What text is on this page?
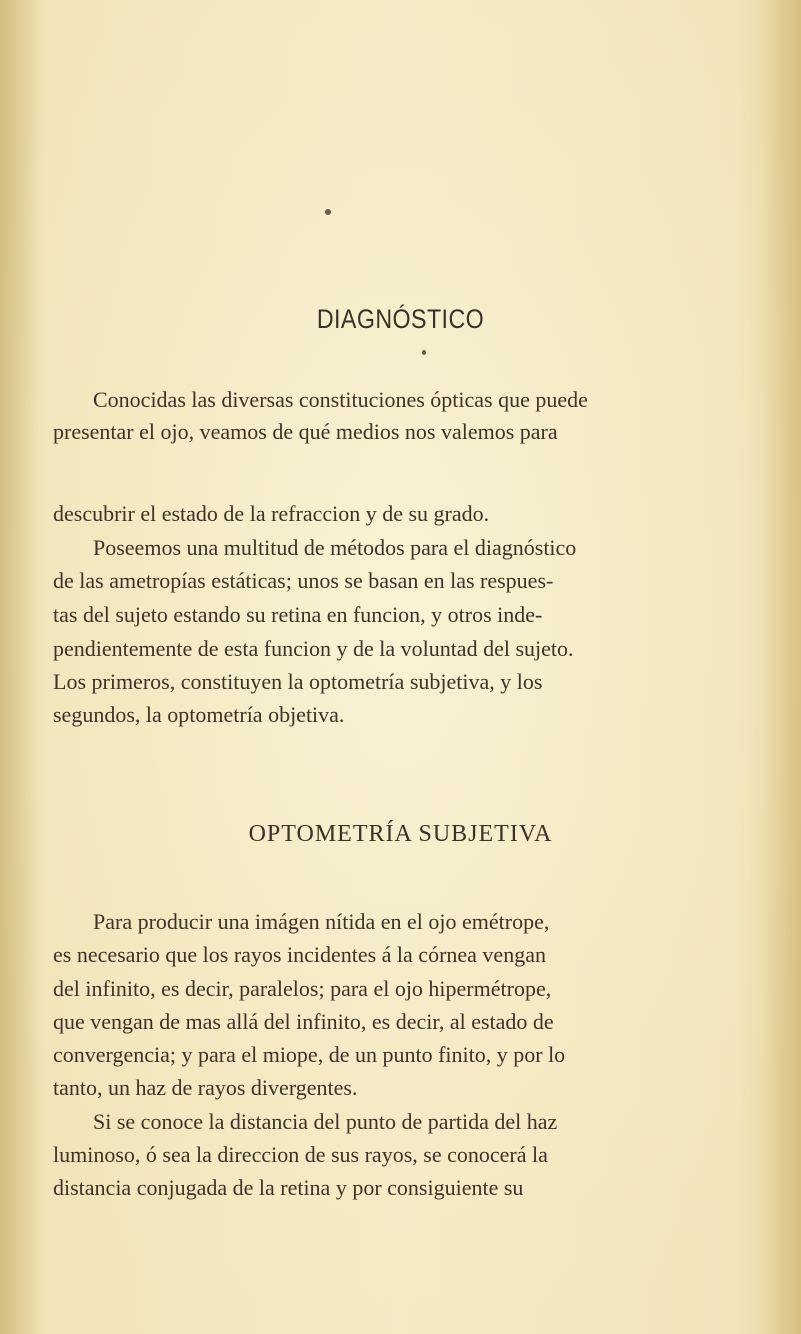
DIAGNÓSTICO
Conocidas las diversas constituciones ópticas que puede
presentar el ojo, veamos de qué medios nos valemos para
descubrir el estado de la refraccion y de su grado.
Poseemos una multitud de métodos para el diagnóstico
de las ametropías estáticas; unos se basan en las respues-
tas del sujeto estando su retina en funcion, y otros inde-
pendientemente de esta funcion y de la voluntad del sujeto.
Los primeros, constituyen la optometría subjetiva, y los
segundos, la optometría objetiva.
OPTOMETRÍA SUBJETIVA
Para producir una imágen nítida en el ojo emétrope,
es necesario que los rayos incidentes á la córnea vengan
del infinito, es decir, paralelos; para el ojo hipermétrope,
que vengan de mas allá del infinito, es decir, al estado de
convergencia; y para el miope, de un punto finito, y por lo
tanto, un haz de rayos divergentes.
Si se conoce la distancia del punto de partida del haz
luminoso, ó sea la direccion de sus rayos, se conocerá la
distancia conjugada de la retina y por consiguiente su
